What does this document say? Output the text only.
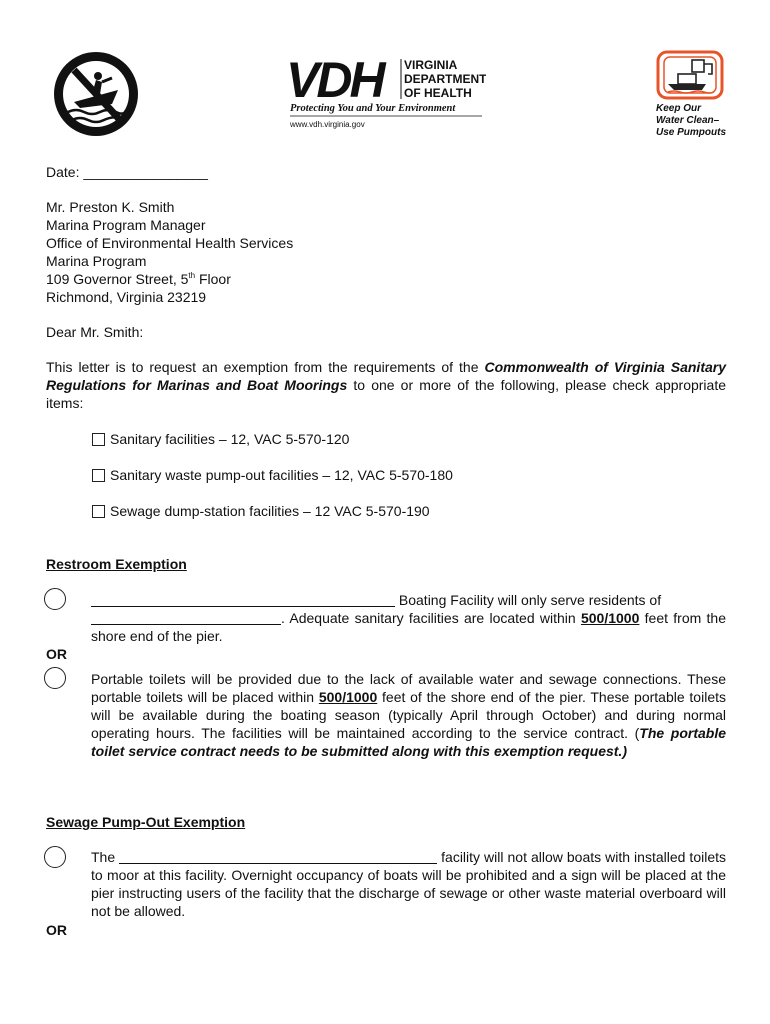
VDH	VIRGINIA
DEPARTMENT
OF HEALTH
Protecting You and Your Environment
www.vdh.virginia.gov
Keep Our
Water Clean–
Use Pumpouts
Date: ________________
Mr. Preston K. Smith
Marina Program Manager
Office of Environmental Health Services
Marina Program
109 Governor Street, 5th Floor
Richmond, Virginia 23219
Dear Mr. Smith:
This letter is to request an exemption from the requirements of the Commonwealth of Virginia Sanitary Regulations for Marinas and Boat Moorings to one or more of the following, please check appropriate items:
Sanitary facilities – 12, VAC 5-570-120
Sanitary waste pump-out facilities – 12, VAC 5-570-180
Sewage dump-station facilities – 12 VAC 5-570-190
Restroom Exemption
Boating Facility will only serve residents of
. Adequate sanitary facilities are located within 500/1000 feet from the shore end of the pier.
OR
Portable toilets will be provided due to the lack of available water and sewage connections. These portable toilets will be placed within 500/1000 feet of the shore end of the pier. These portable toilets will be available during the boating season (typically April through October) and during normal operating hours. The facilities will be maintained according to the service contract. (The portable toilet service contract needs to be submitted along with this exemption request.)
Sewage Pump-Out Exemption
The	facility will not allow boats with installed toilets to moor at this facility. Overnight occupancy of boats will be prohibited and a sign will be placed at the pier instructing users of the facility that the discharge of sewage or other waste material overboard will not be allowed.
OR
